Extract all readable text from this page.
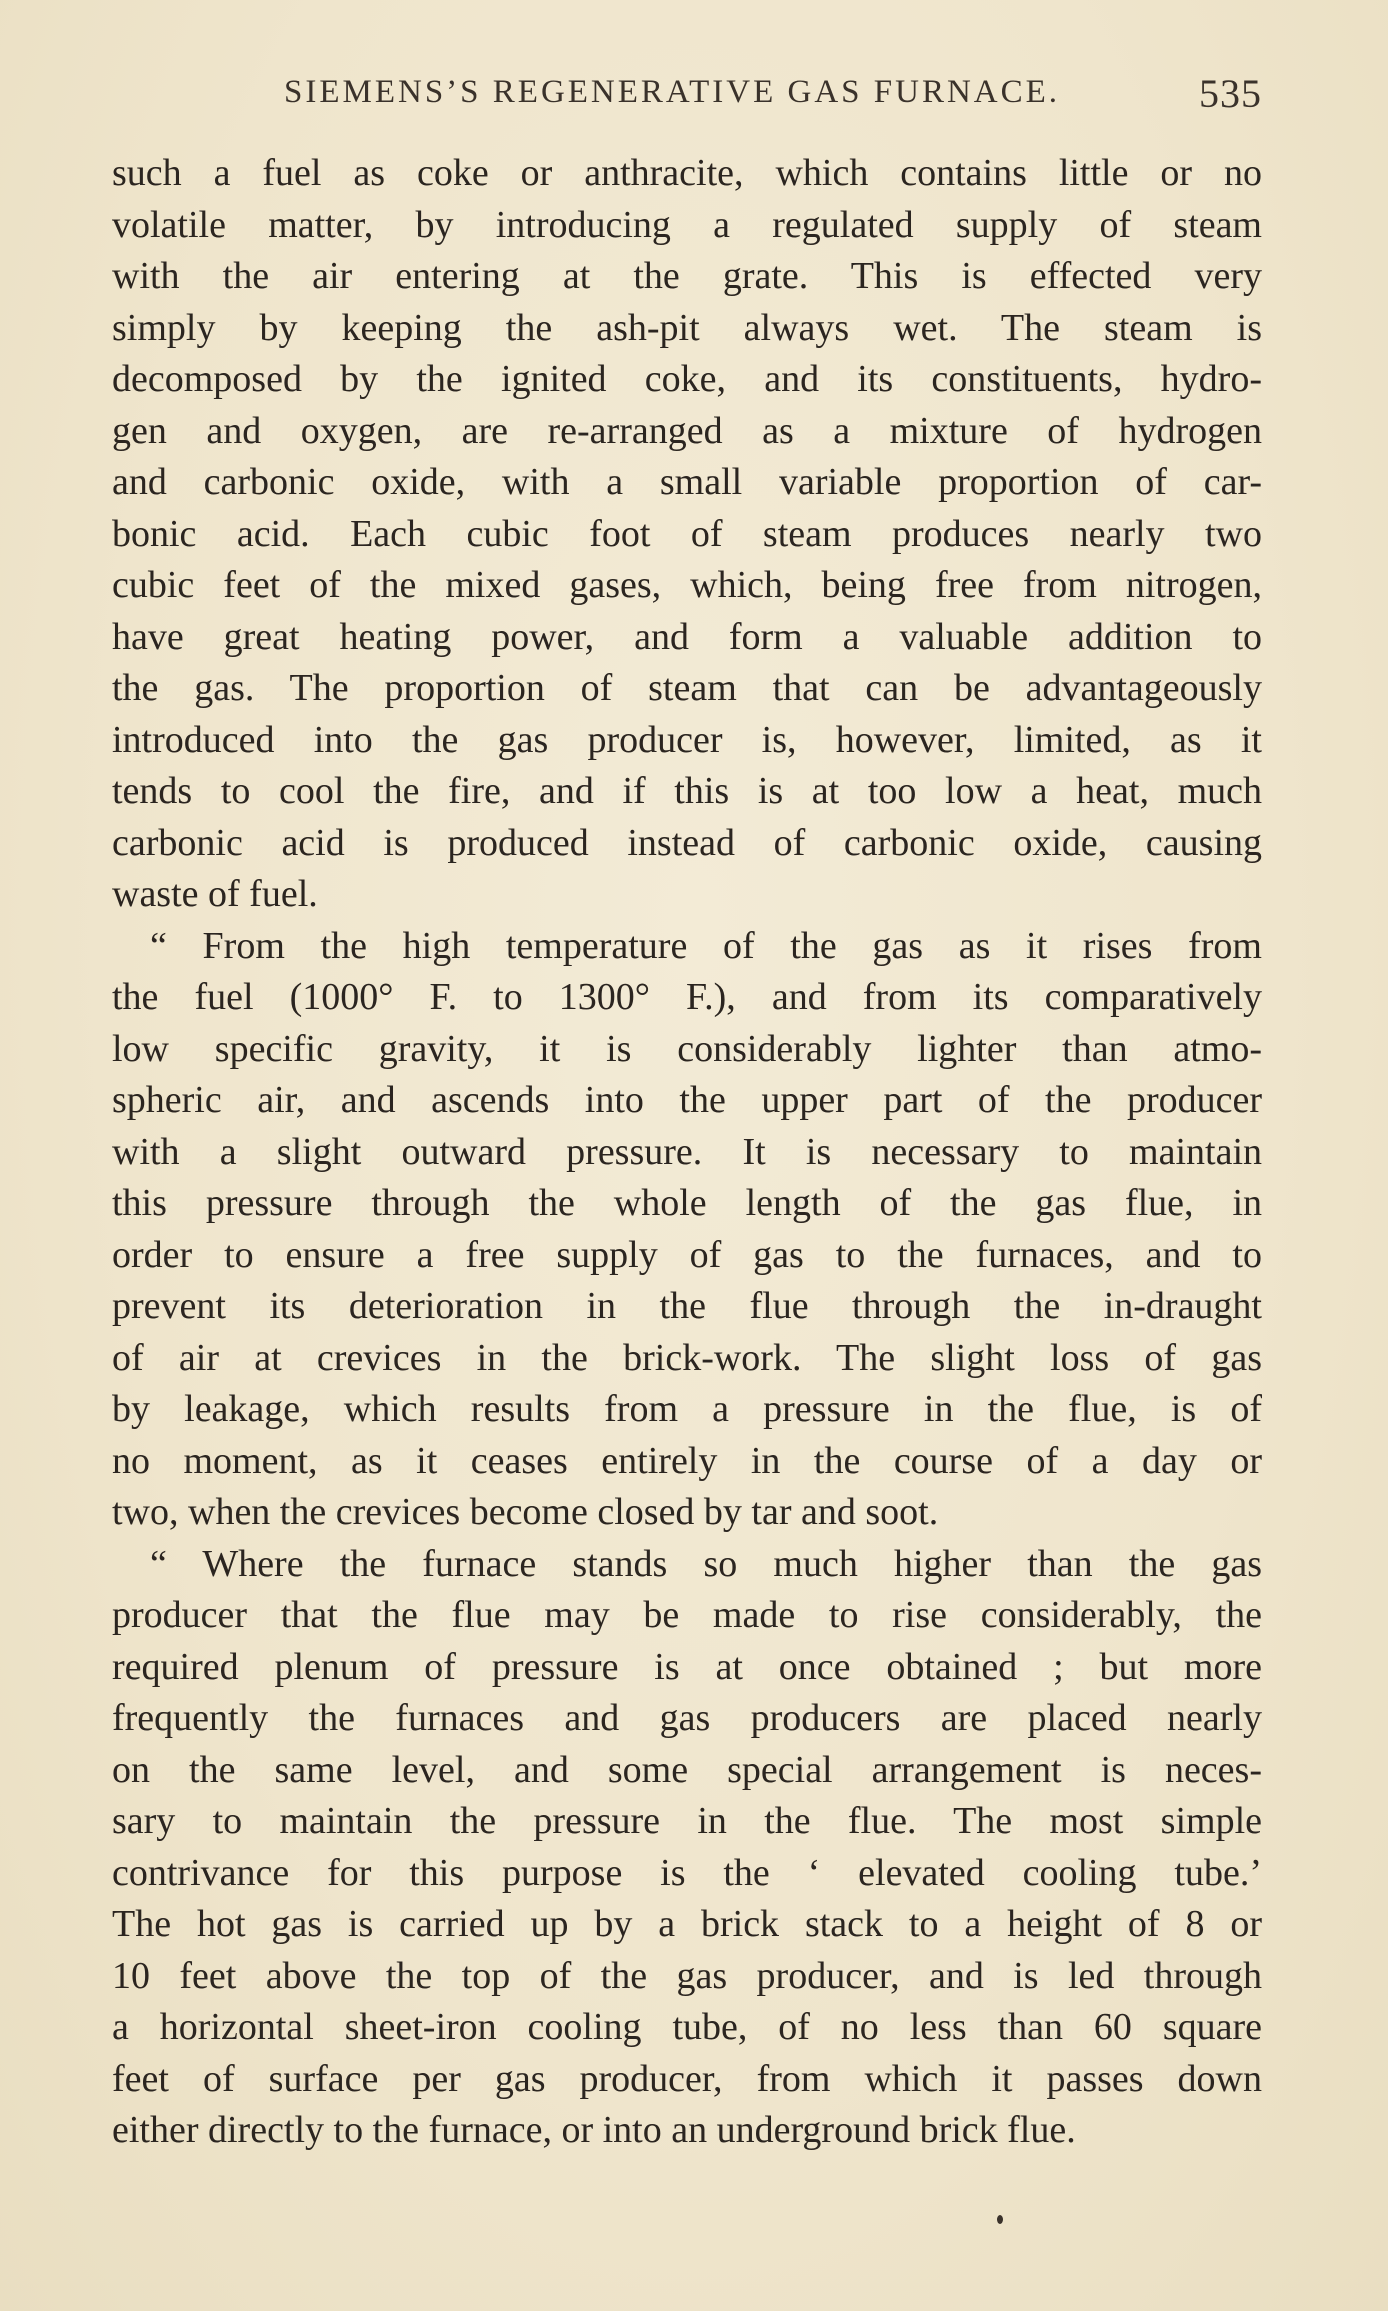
SIEMENS’S REGENERATIVE GAS FURNACE.	535
such a fuel as coke or anthracite, which contains little or no
volatile matter, by introducing a regulated supply of steam
with the air entering at the grate. This is effected very
simply by keeping the ash-pit always wet. The steam is
decomposed by the ignited coke, and its constituents, hydro-
gen and oxygen, are re-arranged as a mixture of hydrogen
and carbonic oxide, with a small variable proportion of car-
bonic acid. Each cubic foot of steam produces nearly two
cubic feet of the mixed gases, which, being free from nitrogen,
have great heating power, and form a valuable addition to
the gas. The proportion of steam that can be advantageously
introduced into the gas producer is, however, limited, as it
tends to cool the fire, and if this is at too low a heat, much
carbonic acid is produced instead of carbonic oxide, causing
waste of fuel.
“ From the high temperature of the gas as it rises from
the fuel (1000° F. to 1300° F.), and from its comparatively
low specific gravity, it is considerably lighter than atmo-
spheric air, and ascends into the upper part of the producer
with a slight outward pressure. It is necessary to maintain
this pressure through the whole length of the gas flue, in
order to ensure a free supply of gas to the furnaces, and to
prevent its deterioration in the flue through the in-draught
of air at crevices in the brick-work. The slight loss of gas
by leakage, which results from a pressure in the flue, is of
no moment, as it ceases entirely in the course of a day or
two, when the crevices become closed by tar and soot.
“ Where the furnace stands so much higher than the gas
producer that the flue may be made to rise considerably, the
required plenum of pressure is at once obtained ; but more
frequently the furnaces and gas producers are placed nearly
on the same level, and some special arrangement is neces-
sary to maintain the pressure in the flue. The most simple
contrivance for this purpose is the ‘ elevated cooling tube.’
The hot gas is carried up by a brick stack to a height of 8 or
10 feet above the top of the gas producer, and is led through
a horizontal sheet-iron cooling tube, of no less than 60 square
feet of surface per gas producer, from which it passes down
either directly to the furnace, or into an underground brick flue.
